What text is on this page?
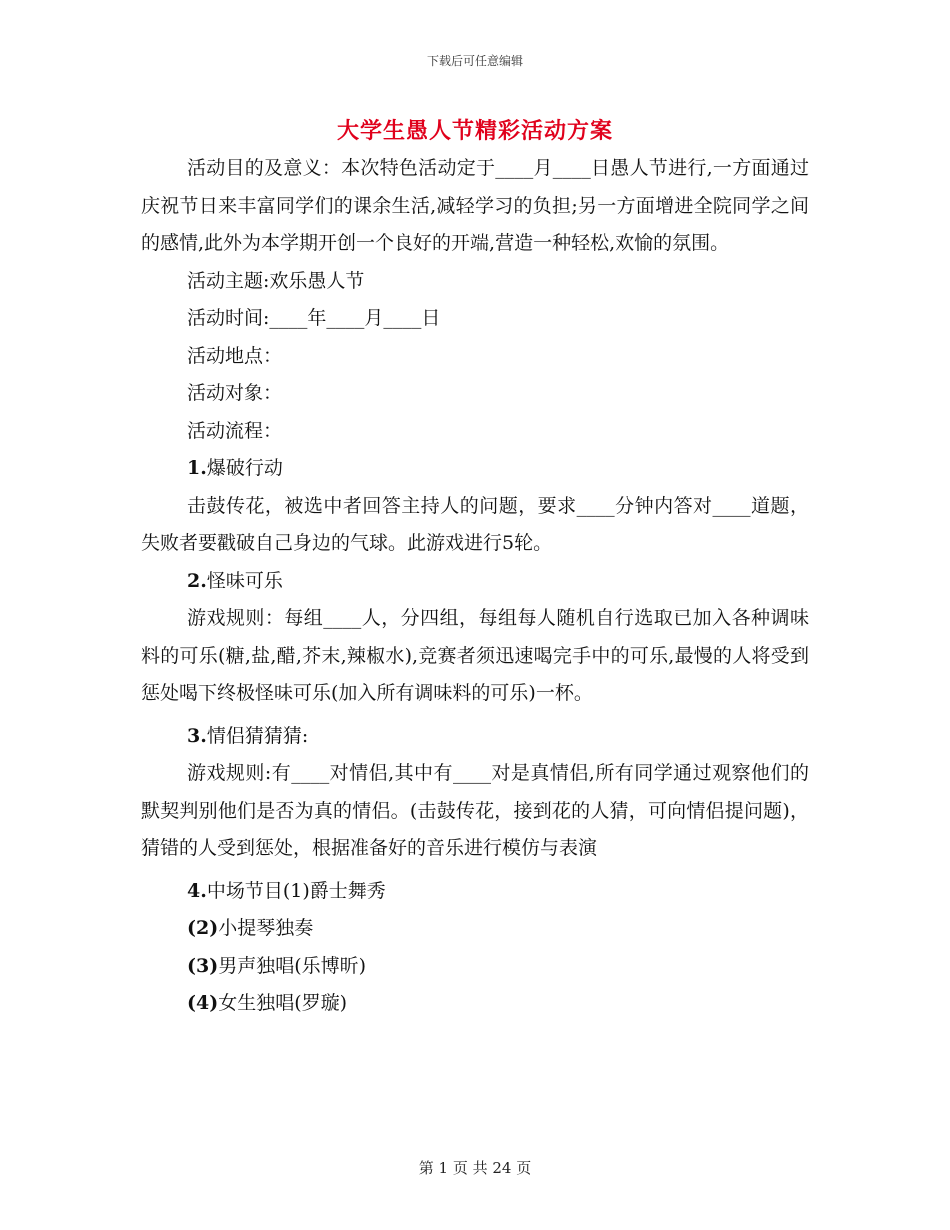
下载后可任意编辑
大学生愚人节精彩活动方案

活动目的及意义：本次特色活动定于____月____日愚人节进行,一方面通过庆祝节日来丰富同学们的课余生活,减轻学习的负担;另一方面增进全院同学之间的感情,此外为本学期开创一个良好的开端,营造一种轻松,欢愉的氛围。

活动主题:欢乐愚人节

活动时间:____年____月____日

活动地点：

活动对象：

活动流程：

1.爆破行动

击鼓传花，被选中者回答主持人的问题，要求____分钟内答对____道题，失败者要戳破自己身边的气球。此游戏进行5轮。

2.怪味可乐

游戏规则：每组____人，分四组，每组每人随机自行选取已加入各种调味料的可乐(糖,盐,醋,芥末,辣椒水),竞赛者须迅速喝完手中的可乐,最慢的人将受到惩处喝下终极怪味可乐(加入所有调味料的可乐)一杯。

3.情侣猜猜猜:

游戏规则:有____对情侣,其中有____对是真情侣,所有同学通过观察他们的默契判别他们是否为真的情侣。(击鼓传花，接到花的人猜，可向情侣提问题)，猜错的人受到惩处，根据准备好的音乐进行模仿与表演

4.中场节目(1)爵士舞秀

(2)小提琴独奏

(3)男声独唱(乐博昕)

(4)女生独唱(罗璇)

第 1 页 共 24 页
